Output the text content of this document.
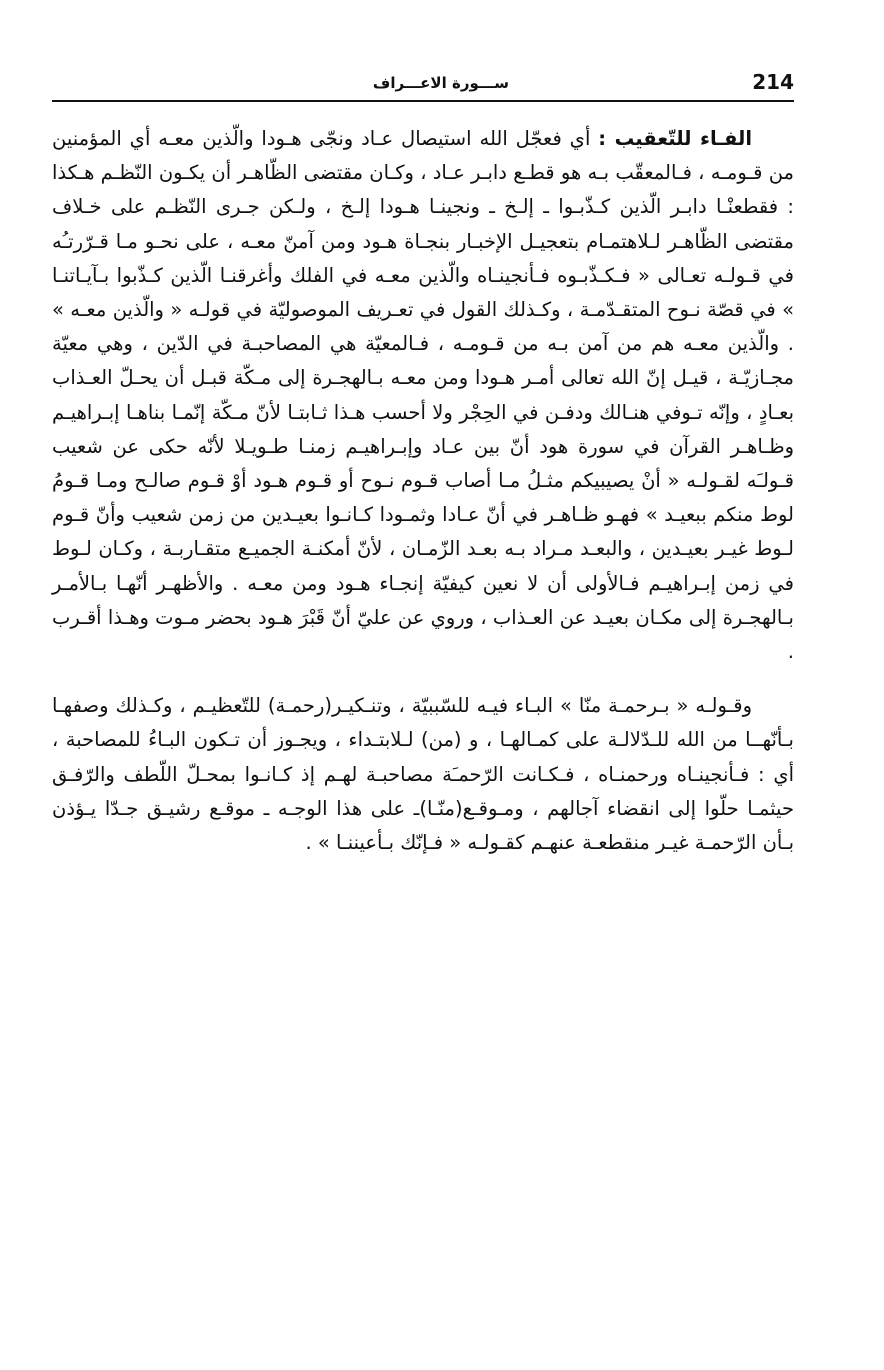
214
ســـورة الاعـــراف

الفـاء للتّعقيب : أي فعجّل الله استيصال عـاد ونجّى هـودا والّذين معـه أي المؤمنين من قـومـه ، فـالمعقّب بـه هو قطـع دابـر عـاد ، وكـان مقتضى الظّاهـر أن يكـون النّظـم هـكذا : فقطعنْـا دابـر الّذين كـذّبـوا ـ إلـخ ـ ونجينـا هـودا إلـخ ، ولـكن جـرى النّظـم على خـلاف مقتضى الظّاهـر لـلاهتمـام بتعجيـل الإخبـار بنجـاة هـود ومن آمنّ معـه ، على نحـو مـا قـرّرتـُه في قـولـه تعـالى « فـكـذّبـوه فـأنجينـاه والّذين معـه في الفلك وأغرقنـا الّذين كـذّبوا بـآيـاتنـا » في قصّة نـوح المتقـدّمـة ، وكـذلك القول في تعـريف الموصوليّة في قولـه « والّذين معـه » . والّذين معـه هم من آمن بـه من قـومـه ، فـالمعيّة هي المصاحبـة في الدّين ، وهي معيّة مجـازيّـة ، قيـل إنّ الله تعالى أمـر هـودا ومن معـه بـالهجـرة إلى مـكّة قبـل أن يحـلّ العـذاب بعـادٍ ، وإنّه تـوفي هنـالك ودفـن في الحِجْر ولا أحسب هـذا ثـابتـا لأنّ مـكّة إنّمـا بناهـا إبـراهيـم وظـاهـر القرآن في سورة هود أنّ بين عـاد وإبـراهيـم زمنـا طـويـلا لأنّه حكى عن شعيب قـولـَه لقـولـه « أنْ يصيبيكم مثـلُ مـا أصاب قـوم نـوح أو قـوم هـود أوْ قـوم صالـح ومـا قـومُ لوط منكم ببعيـد » فهـو ظـاهـر في أنّ عـادا وثمـودا كـانـوا بعيـدين من زمن شعيب وأنّ قـوم لـوط غيـر بعيـدين ، والبعـد مـراد بـه بعـد الزّمـان ، لأنّ أمكنـة الجميـع متقـاربـة ، وكـان لـوط في زمن إبـراهيـم فـالأولى أن لا نعين كيفيّة إنجـاء هـود ومن معـه . والأظهـر أنّهـا بـالأمـر بـالهجـرة إلى مكـان بعيـد عن العـذاب ، وروي عن عليّ أنّ قَبْرَ هـود بحضر مـوت وهـذا أقـرب .

وقـولـه « بـرحمـة منّا » البـاء فيـه للسّببيّة ، وتنـكيـر(رحمـة) للتّعظيـم ، وكـذلك وصفهـا بـأنّهــا من الله للـدّلالـة على كمـالهـا ، و (من) لـلابتـداء ، ويجـوز أن تـكون البـاءُ للمصاحبة ، أي : فـأنجينـاه ورحمنـاه ، فـكـانت الرّحمـَة مصاحبـة لهـم إذ كـانـوا بمحـلّ اللّطف والرّفـق حيثمـا حلّوا إلى انقضاء آجالهم ، ومـوقـع(منّـا)ـ على هذا الوجـه ـ موقـع رشيـق جـدّا يـؤذن بـأن الرّحمـة غيـر منقطعـة عنهـم كقـولـه « فـإنّك بـأعيننـا » .
